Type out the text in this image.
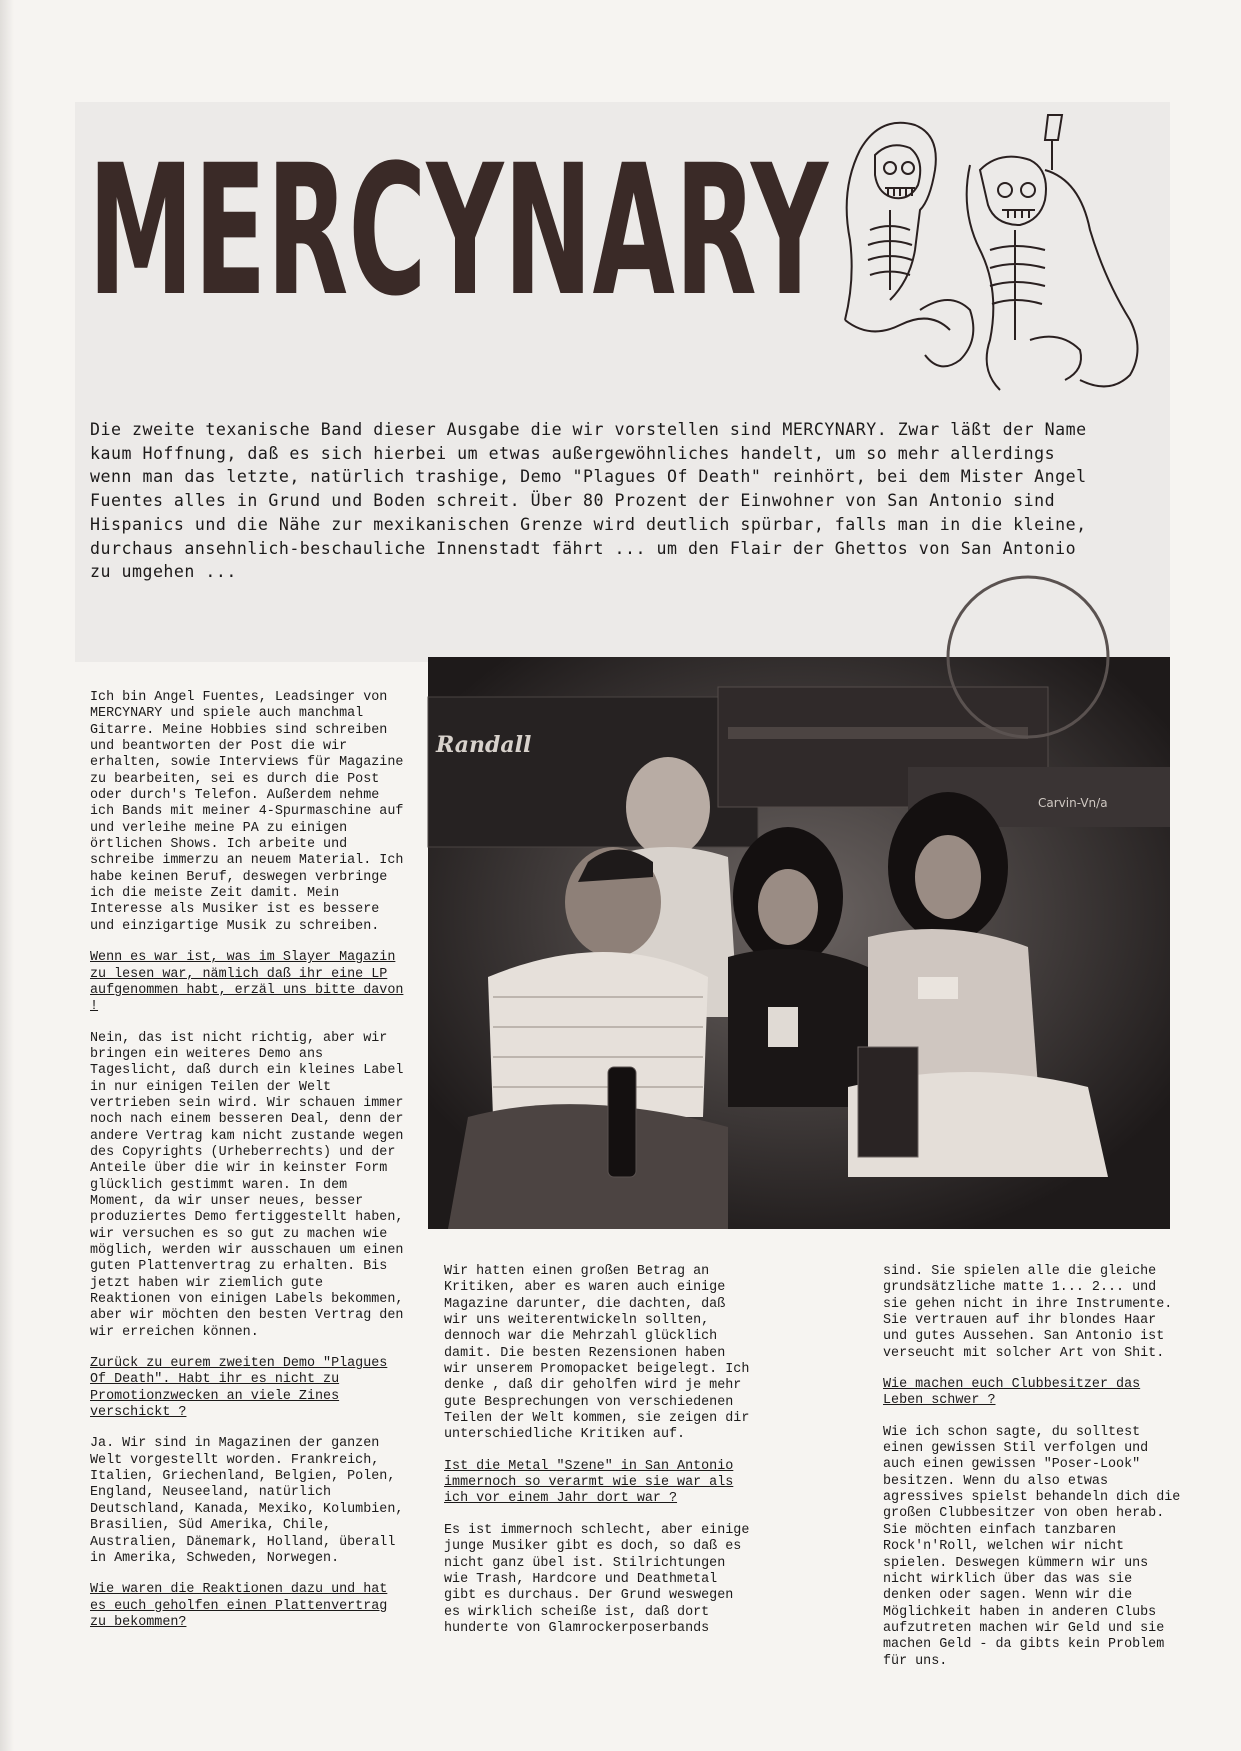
MERCYNARY

Die zweite texanische Band dieser Ausgabe die wir vorstellen sind MERCYNARY. Zwar läßt der Name kaum Hoffnung, daß es sich hierbei um etwas außergewöhnliches handelt, um so mehr allerdings wenn man das letzte, natürlich trashige, Demo "Plagues Of Death" reinhört, bei dem Mister Angel Fuentes alles in Grund und Boden schreit. Über 80 Prozent der Einwohner von San Antonio sind Hispanics und die Nähe zur mexikanischen Grenze wird deutlich spürbar, falls man in die kleine, durchaus ansehnlich-beschauliche Innenstadt fährt ... um den Flair der Ghettos von San Antonio zu umgehen ...

Ich bin Angel Fuentes, Leadsinger von MERCYNARY und spiele auch manchmal Gitarre. Meine Hobbies sind schreiben und beantworten der Post die wir erhalten, sowie Interviews für Magazine zu bearbeiten, sei es durch die Post oder durch's Telefon. Außerdem nehme ich Bands mit meiner 4-Spurmaschine auf und verleihe meine PA zu einigen örtlichen Shows. Ich arbeite und schreibe immerzu an neuem Material. Ich habe keinen Beruf, deswegen verbringe ich die meiste Zeit damit. Mein Interesse als Musiker ist es bessere und einzigartige Musik zu schreiben.

Wenn es war ist, was im Slayer Magazin zu lesen war, nämlich daß ihr eine LP aufgenommen habt, erzäl uns bitte davon !

Nein, das ist nicht richtig, aber wir bringen ein weiteres Demo ans Tageslicht, daß durch ein kleines Label in nur einigen Teilen der Welt vertrieben sein wird. Wir schauen immer noch nach einem besseren Deal, denn der andere Vertrag kam nicht zustande wegen des Copyrights (Urheberrechts) und der Anteile über die wir in keinster Form glücklich gestimmt waren. In dem Moment, da wir unser neues, besser produziertes Demo fertiggestellt haben, wir versuchen es so gut zu machen wie möglich, werden wir ausschauen um einen guten Plattenvertrag zu erhalten. Bis jetzt haben wir ziemlich gute Reaktionen von einigen Labels bekommen, aber wir möchten den besten Vertrag den wir erreichen können.

Zurück zu eurem zweiten Demo "Plagues Of Death". Habt ihr es nicht zu Promotionzwecken an viele Zines verschickt ?

Ja. Wir sind in Magazinen der ganzen Welt vorgestellt worden. Frankreich, Italien, Griechenland, Belgien, Polen, England, Neuseeland, natürlich Deutschland, Kanada, Mexiko, Kolumbien, Brasilien, Süd Amerika, Chile, Australien, Dänemark, Holland, überall in Amerika, Schweden, Norwegen.

Wie waren die Reaktionen dazu und hat es euch geholfen einen Plattenvertrag zu bekommen?

Randall
Carvin-Vn/a

Wir hatten einen großen Betrag an Kritiken, aber es waren auch einige Magazine darunter, die dachten, daß wir uns weiterentwickeln sollten, dennoch war die Mehrzahl glücklich damit. Die besten Rezensionen haben wir unserem Promopacket beigelegt. Ich denke , daß dir geholfen wird je mehr gute Besprechungen von verschiedenen Teilen der Welt kommen, sie zeigen dir unterschiedliche Kritiken auf.

Ist die Metal "Szene" in San Antonio immernoch so verarmt wie sie war als ich vor einem Jahr dort war ?

Es ist immernoch schlecht, aber einige junge Musiker gibt es doch, so daß es nicht ganz übel ist. Stilrichtungen wie Trash, Hardcore und Deathmetal gibt es durchaus. Der Grund weswegen es wirklich scheiße ist, daß dort hunderte von Glamrockerposerbands

sind. Sie spielen alle die gleiche grundsätzliche matte 1... 2... und sie gehen nicht in ihre Instrumente. Sie vertrauen auf ihr blondes Haar und gutes Aussehen. San Antonio ist verseucht mit solcher Art von Shit.

Wie machen euch Clubbesitzer das Leben schwer ?

Wie ich schon sagte, du solltest einen gewissen Stil verfolgen und auch einen gewissen "Poser-Look" besitzen. Wenn du also etwas agressives spielst behandeln dich die großen Clubbesitzer von oben herab. Sie möchten einfach tanzbaren Rock'n'Roll, welchen wir nicht spielen. Deswegen kümmern wir uns nicht wirklich über das was sie denken oder sagen. Wenn wir die Möglichkeit haben in anderen Clubs aufzutreten machen wir Geld und sie machen Geld - da gibts kein Problem für uns.
